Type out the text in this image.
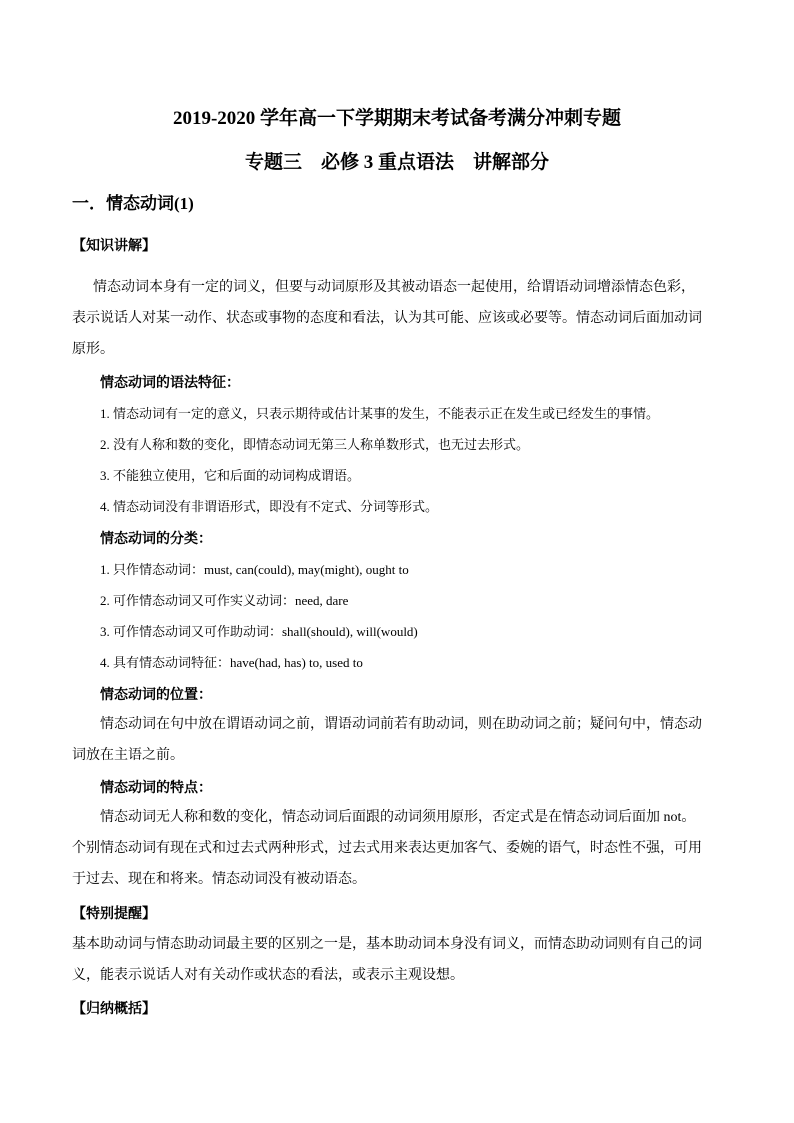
2019-2020 学年高一下学期期末考试备考满分冲刺专题
专题三　必修 3 重点语法　讲解部分
一．情态动词(1)
【知识讲解】
情态动词本身有一定的词义，但要与动词原形及其被动语态一起使用，给谓语动词增添情态色彩，
表示说话人对某一动作、状态或事物的态度和看法，认为其可能、应该或必要等。情态动词后面加动词
原形。
情态动词的语法特征：
1. 情态动词有一定的意义，只表示期待或估计某事的发生，不能表示正在发生或已经发生的事情。
2. 没有人称和数的变化，即情态动词无第三人称单数形式，也无过去形式。
3. 不能独立使用，它和后面的动词构成谓语。
4. 情态动词没有非谓语形式，即没有不定式、分词等形式。
情态动词的分类：
1. 只作情态动词：must, can(could), may(might), ought to
2. 可作情态动词又可作实义动词：need, dare
3. 可作情态动词又可作助动词：shall(should), will(would)
4. 具有情态动词特征：have(had, has) to, used to
情态动词的位置：
情态动词在句中放在谓语动词之前，谓语动词前若有助动词，则在助动词之前；疑问句中，情态动
词放在主语之前。
情态动词的特点：
情态动词无人称和数的变化，情态动词后面跟的动词须用原形，否定式是在情态动词后面加 not。
个别情态动词有现在式和过去式两种形式，过去式用来表达更加客气、委婉的语气，时态性不强，可用
于过去、现在和将来。情态动词没有被动语态。
【特别提醒】
基本助动词与情态助动词最主要的区别之一是，基本助动词本身没有词义，而情态助动词则有自己的词
义，能表示说话人对有关动作或状态的看法，或表示主观设想。
【归纳概括】
